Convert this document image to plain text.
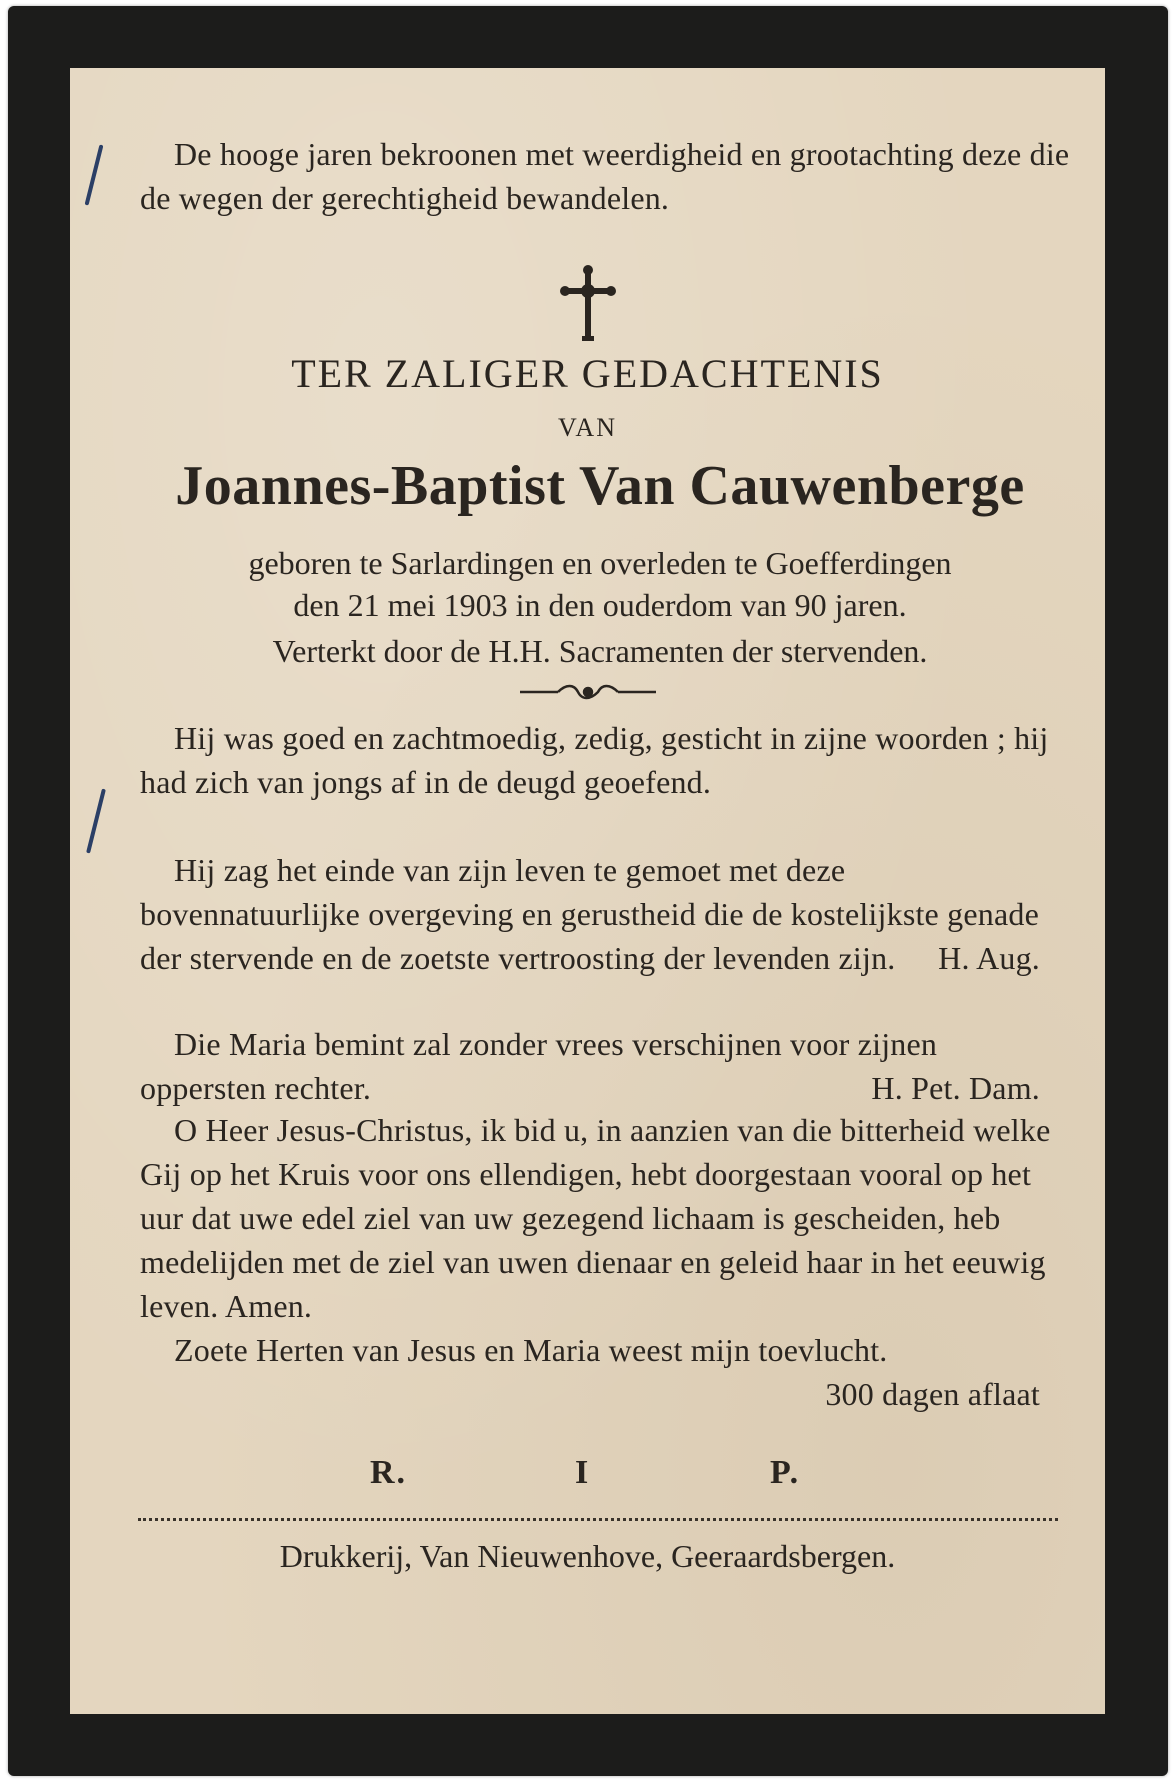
De hooge jaren bekroonen met weerdigheid en grootachting deze die de wegen der gerechtigheid bewandelen.

TER ZALIGER GEDACHTENIS
VAN
Joannes-Baptist Van Cauwenberge
geboren te Sarlardingen en overleden te Goefferdingen
den 21 mei 1903 in den ouderdom van 90 jaren.
Verterkt door de H.H. Sacramenten der stervenden.

Hij was goed en zachtmoedig, zedig, gesticht in zijne woorden ; hij had zich van jongs af in de deugd geoefend.

Hij zag het einde van zijn leven te gemoet met deze bovennatuurlijke overgeving en gerustheid die de kostelijkste genade der stervende en de zoetste vertroosting der levenden zijn. H. Aug.

Die Maria bemint zal zonder vrees verschijnen voor zijnen oppersten rechter.	H. Pet. Dam.

O Heer Jesus-Christus, ik bid u, in aanzien van die bitterheid welke Gij op het Kruis voor ons ellendigen, hebt doorgestaan vooral op het uur dat uwe edel ziel van uw gezegend lichaam is gescheiden, heb medelijden met de ziel van uwen dienaar en geleid haar in het eeuwig leven. Amen.

Zoete Herten van Jesus en Maria weest mijn toevlucht.
300 dagen aflaat

R.	I	P.
Drukkerij, Van Nieuwenhove, Geeraardsbergen.
